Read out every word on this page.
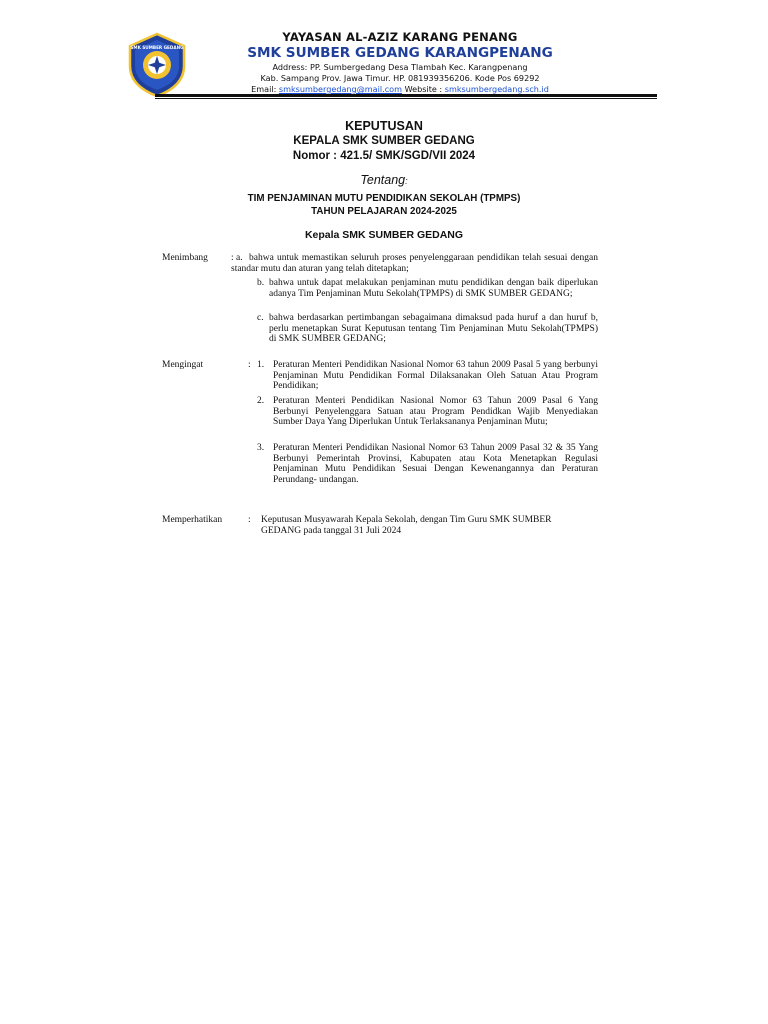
SMK SUMBER GEDANG
YAYASAN AL-AZIZ KARANG PENANG
SMK SUMBER GEDANG KARANGPENANG
Address: PP. Sumbergedang Desa Tlambah Kec. Karangpenang
Kab. Sampang Prov. Jawa Timur. HP. 081939356206. Kode Pos 69292
Email: smksumbergedang@mail.com Website : smksumbergedang.sch.id
KEPUTUSAN
KEPALA SMK SUMBER GEDANG
Nomor : 421.5/ SMK/SGD/VII 2024
Tentang:
TIM PENJAMINAN MUTU PENDIDIKAN SEKOLAH (TPMPS)
TAHUN PELAJARAN 2024-2025
Kepala SMK SUMBER GEDANG
Menimbang : a. bahwa untuk memastikan seluruh proses penyelenggaraan pendidikan telah sesuai dengan standar mutu dan aturan yang telah ditetapkan;
b. bahwa untuk dapat melakukan penjaminan mutu pendidikan dengan baik diperlukan adanya Tim Penjaminan Mutu Sekolah(TPMPS) di SMK SUMBER GEDANG;
c. bahwa berdasarkan pertimbangan sebagaimana dimaksud pada huruf a dan huruf b, perlu menetapkan Surat Keputusan tentang Tim Penjaminan Mutu Sekolah(TPMPS) di SMK SUMBER GEDANG;
Mengingat	: 1. Peraturan Menteri Pendidikan Nasional Nomor 63 tahun 2009 Pasal 5 yang berbunyi Penjaminan Mutu Pendidikan Formal Dilaksanakan Oleh Satuan Atau Program Pendidikan;
2. Peraturan Menteri Pendidikan Nasional Nomor 63 Tahun 2009 Pasal 6 Yang Berbunyi Penyelenggara Satuan atau Program Pendidkan Wajib Menyediakan Sumber Daya Yang Diperlukan Untuk Terlaksananya Penjaminan Mutu;
3. Peraturan Menteri Pendidikan Nasional Nomor 63 Tahun 2009 Pasal 32 & 35 Yang Berbunyi Pemerintah Provinsi, Kabupaten atau Kota Menetapkan Regulasi Penjaminan Mutu Pendidikan Sesuai Dengan Kewenangannya dan Peraturan Perundang- undangan.
Memperhatikan	: Keputusan Musyawarah Kepala Sekolah, dengan Tim Guru SMK SUMBER GEDANG pada tanggal 31 Juli 2024
